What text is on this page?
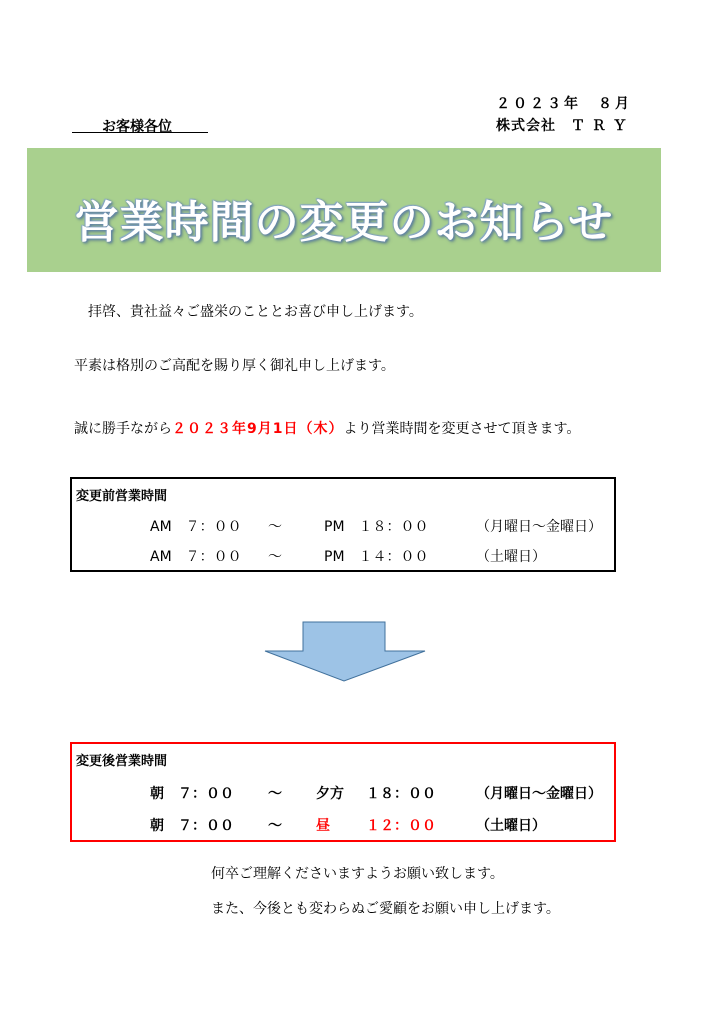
２０２３年　８月
株式会社　Ｔ Ｒ Ｙ
お客様各位
営業時間の変更のお知らせ
拝啓、貴社益々ご盛栄のこととお喜び申し上げます。
平素は格別のご高配を賜り厚く御礼申し上げます。
誠に勝手ながら２０２３年9月1日（木）より営業時間を変更させて頂きます。
変更前営業時間
AM　７：００ ～	PM　１８：００	（月曜日～金曜日）
AM　７：００ ～	PM　１４：００	（土曜日）
変更後営業時間
朝　７：００ ～ 夕方 １８：００	（月曜日～金曜日）
朝　７：００ ～ 昼	１２：００	（土曜日）
何卒ご理解くださいますようお願い致します。
また、今後とも変わらぬご愛顧をお願い申し上げます。
